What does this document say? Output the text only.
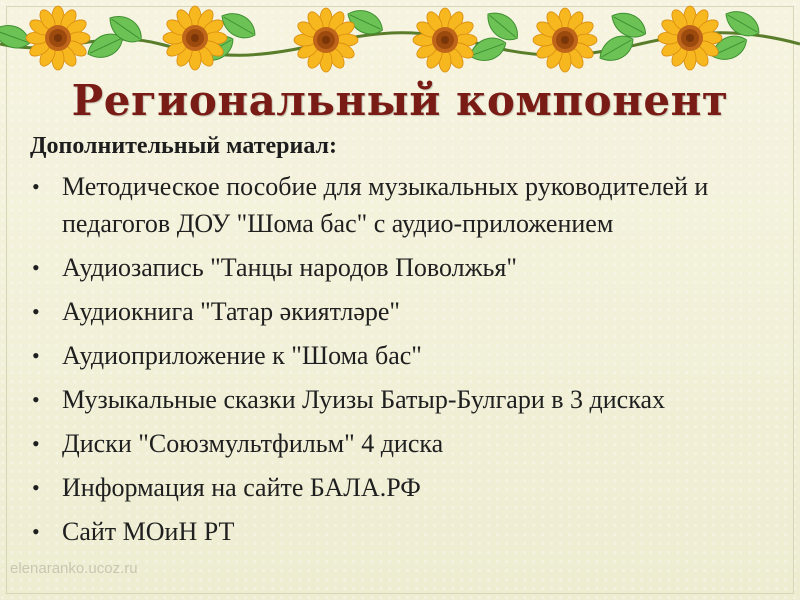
Региональный компонент

Дополнительный материал:

• Методическое пособие для музыкальных руководителей и педагогов ДОУ "Шома бас" с аудио-приложением
• Аудиозапись "Танцы народов Поволжья"
• Аудиокнига "Татар әкиятләре"
• Аудиоприложение к "Шома бас"
• Музыкальные сказки Луизы Батыр-Булгари в 3 дисках
• Диски "Союзмультфильм" 4 диска
• Информация на сайте БАЛА.РФ
• Сайт МОиН РТ
elenaranko.ucoz.ru
